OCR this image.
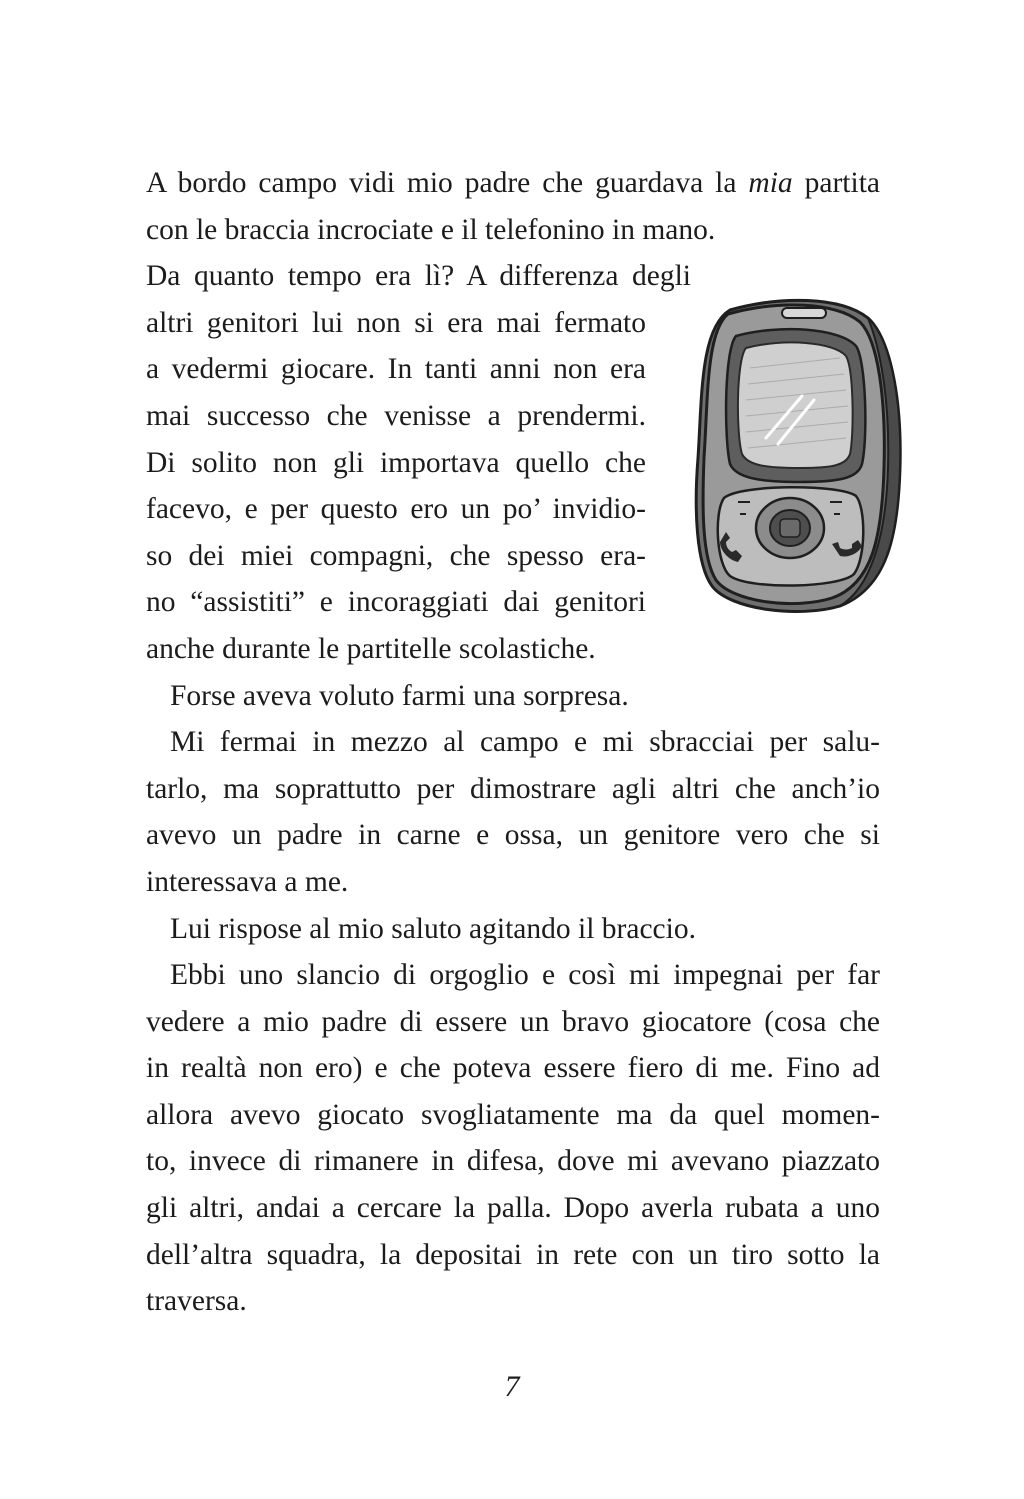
A bordo campo vidi mio padre che guardava la mia partita
con le braccia incrociate e il telefonino in mano.
Da quanto tempo era lì? A differenza degli
altri genitori lui non si era mai fermato
a vedermi giocare. In tanti anni non era
mai successo che venisse a prendermi.
Di solito non gli importava quello che
facevo, e per questo ero un po’ invidio-
so dei miei compagni, che spesso era-
no “assistiti” e incoraggiati dai genitori
anche durante le partitelle scolastiche.
Forse aveva voluto farmi una sorpresa.
Mi fermai in mezzo al campo e mi sbracciai per salu-
tarlo, ma soprattutto per dimostrare agli altri che anch’io
avevo un padre in carne e ossa, un genitore vero che si
interessava a me.
Lui rispose al mio saluto agitando il braccio.
Ebbi uno slancio di orgoglio e così mi impegnai per far
vedere a mio padre di essere un bravo giocatore (cosa che
in realtà non ero) e che poteva essere fiero di me. Fino ad
allora avevo giocato svogliatamente ma da quel momen-
to, invece di rimanere in difesa, dove mi avevano piazzato
gli altri, andai a cercare la palla. Dopo averla rubata a uno
dell’altra squadra, la depositai in rete con un tiro sotto la
traversa.
7
